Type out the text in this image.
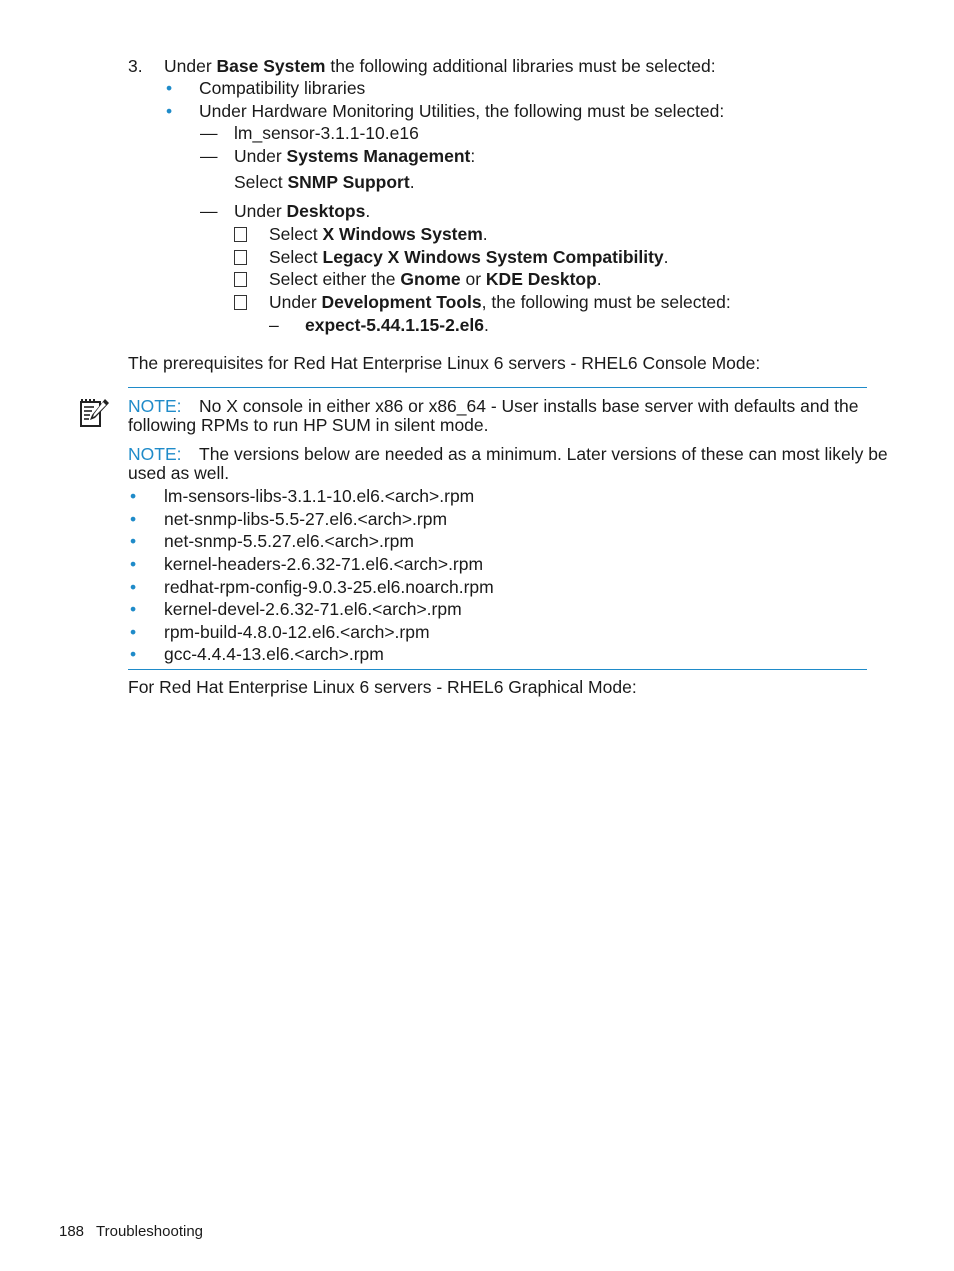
3. Under Base System the following additional libraries must be selected:
• Compatibility libraries
• Under Hardware Monitoring Utilities, the following must be selected:
— lm_sensor-3.1.1-10.e16
— Under Systems Management:
Select SNMP Support.
— Under Desktops.
Select X Windows System.
Select Legacy X Windows System Compatibility.
Select either the Gnome or KDE Desktop.
Under Development Tools, the following must be selected:
– expect-5.44.1.15-2.el6.
The prerequisites for Red Hat Enterprise Linux 6 servers - RHEL6 Console Mode:
NOTE: No X console in either x86 or x86_64 - User installs base server with defaults and the
following RPMs to run HP SUM in silent mode.
NOTE: The versions below are needed as a minimum. Later versions of these can most likely be
used as well.
• lm-sensors-libs-3.1.1-10.el6.<arch>.rpm
• net-snmp-libs-5.5-27.el6.<arch>.rpm
• net-snmp-5.5.27.el6.<arch>.rpm
• kernel-headers-2.6.32-71.el6.<arch>.rpm
• redhat-rpm-config-9.0.3-25.el6.noarch.rpm
• kernel-devel-2.6.32-71.el6.<arch>.rpm
• rpm-build-4.8.0-12.el6.<arch>.rpm
• gcc-4.4.4-13.el6.<arch>.rpm
For Red Hat Enterprise Linux 6 servers - RHEL6 Graphical Mode:
188 Troubleshooting
